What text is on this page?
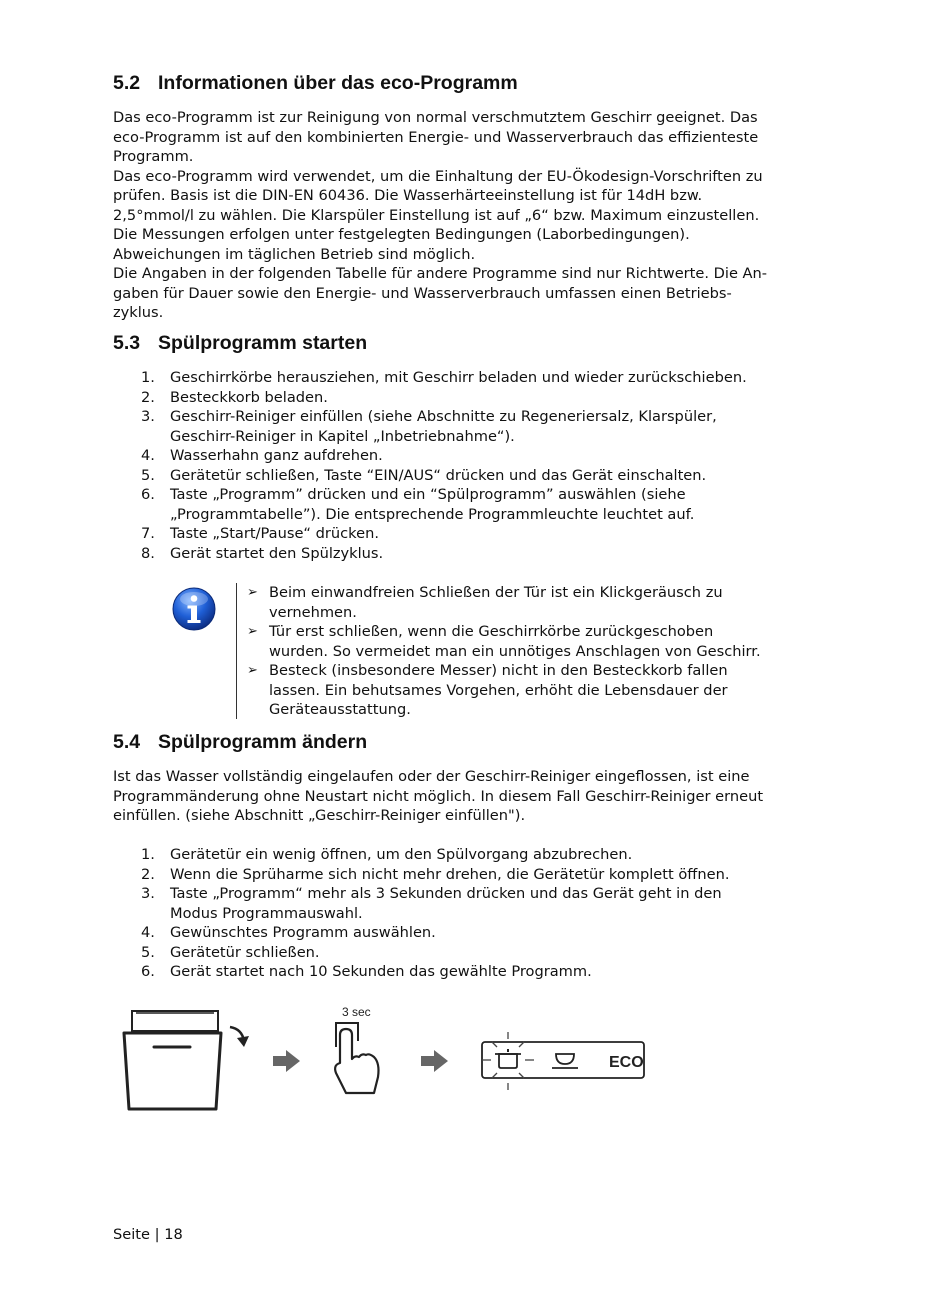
5.2 Informationen über das eco-Programm
Das eco-Programm ist zur Reinigung von normal verschmutztem Geschirr geeignet. Das
eco-Programm ist auf den kombinierten Energie- und Wasserverbrauch das effizienteste
Programm.
Das eco-Programm wird verwendet, um die Einhaltung der EU-Ökodesign-Vorschriften zu
prüfen. Basis ist die DIN-EN 60436. Die Wasserhärteeinstellung ist für 14dH bzw.
2,5°mmol/l zu wählen. Die Klarspüler Einstellung ist auf „6“ bzw. Maximum einzustellen.
Die Messungen erfolgen unter festgelegten Bedingungen (Laborbedingungen).
Abweichungen im täglichen Betrieb sind möglich.
Die Angaben in der folgenden Tabelle für andere Programme sind nur Richtwerte. Die An-
gaben für Dauer sowie den Energie- und Wasserverbrauch umfassen einen Betriebs-
zyklus.
5.3 Spülprogramm starten
1.	Geschirrkörbe herausziehen, mit Geschirr beladen und wieder zurückschieben.
2.	Besteckkorb beladen.
3.	Geschirr-Reiniger einfüllen (siehe Abschnitte zu Regeneriersalz, Klarspüler,
Geschirr-Reiniger in Kapitel „Inbetriebnahme“).
4.	Wasserhahn ganz aufdrehen.
5.	Gerätetür schließen, Taste “EIN/AUS“ drücken und das Gerät einschalten.
6.	Taste „Programm” drücken und ein “Spülprogramm” auswählen (siehe
„Programmtabelle”). Die entsprechende Programmleuchte leuchtet auf.
7.	Taste „Start/Pause“ drücken.
8.	Gerät startet den Spülzyklus.
➢ Beim einwandfreien Schließen der Tür ist ein Klickgeräusch zu
vernehmen.
➢ Tür erst schließen, wenn die Geschirrkörbe zurückgeschoben
wurden. So vermeidet man ein unnötiges Anschlagen von Geschirr.
➢ Besteck (insbesondere Messer) nicht in den Besteckkorb fallen
lassen. Ein behutsames Vorgehen, erhöht die Lebensdauer der
Geräteausstattung.
5.4 Spülprogramm ändern
Ist das Wasser vollständig eingelaufen oder der Geschirr-Reiniger eingeflossen, ist eine
Programmänderung ohne Neustart nicht möglich. In diesem Fall Geschirr-Reiniger erneut
einfüllen. (siehe Abschnitt „Geschirr-Reiniger einfüllen").
1.	Gerätetür ein wenig öffnen, um den Spülvorgang abzubrechen.
2.	Wenn die Sprüharme sich nicht mehr drehen, die Gerätetür komplett öffnen.
3.	Taste „Programm“ mehr als 3 Sekunden drücken und das Gerät geht in den
Modus Programmauswahl.
4.	Gewünschtes Programm auswählen.
5.	Gerätetür schließen.
6.	Gerät startet nach 10 Sekunden das gewählte Programm.
3 sec
ECO
Seite | 18
